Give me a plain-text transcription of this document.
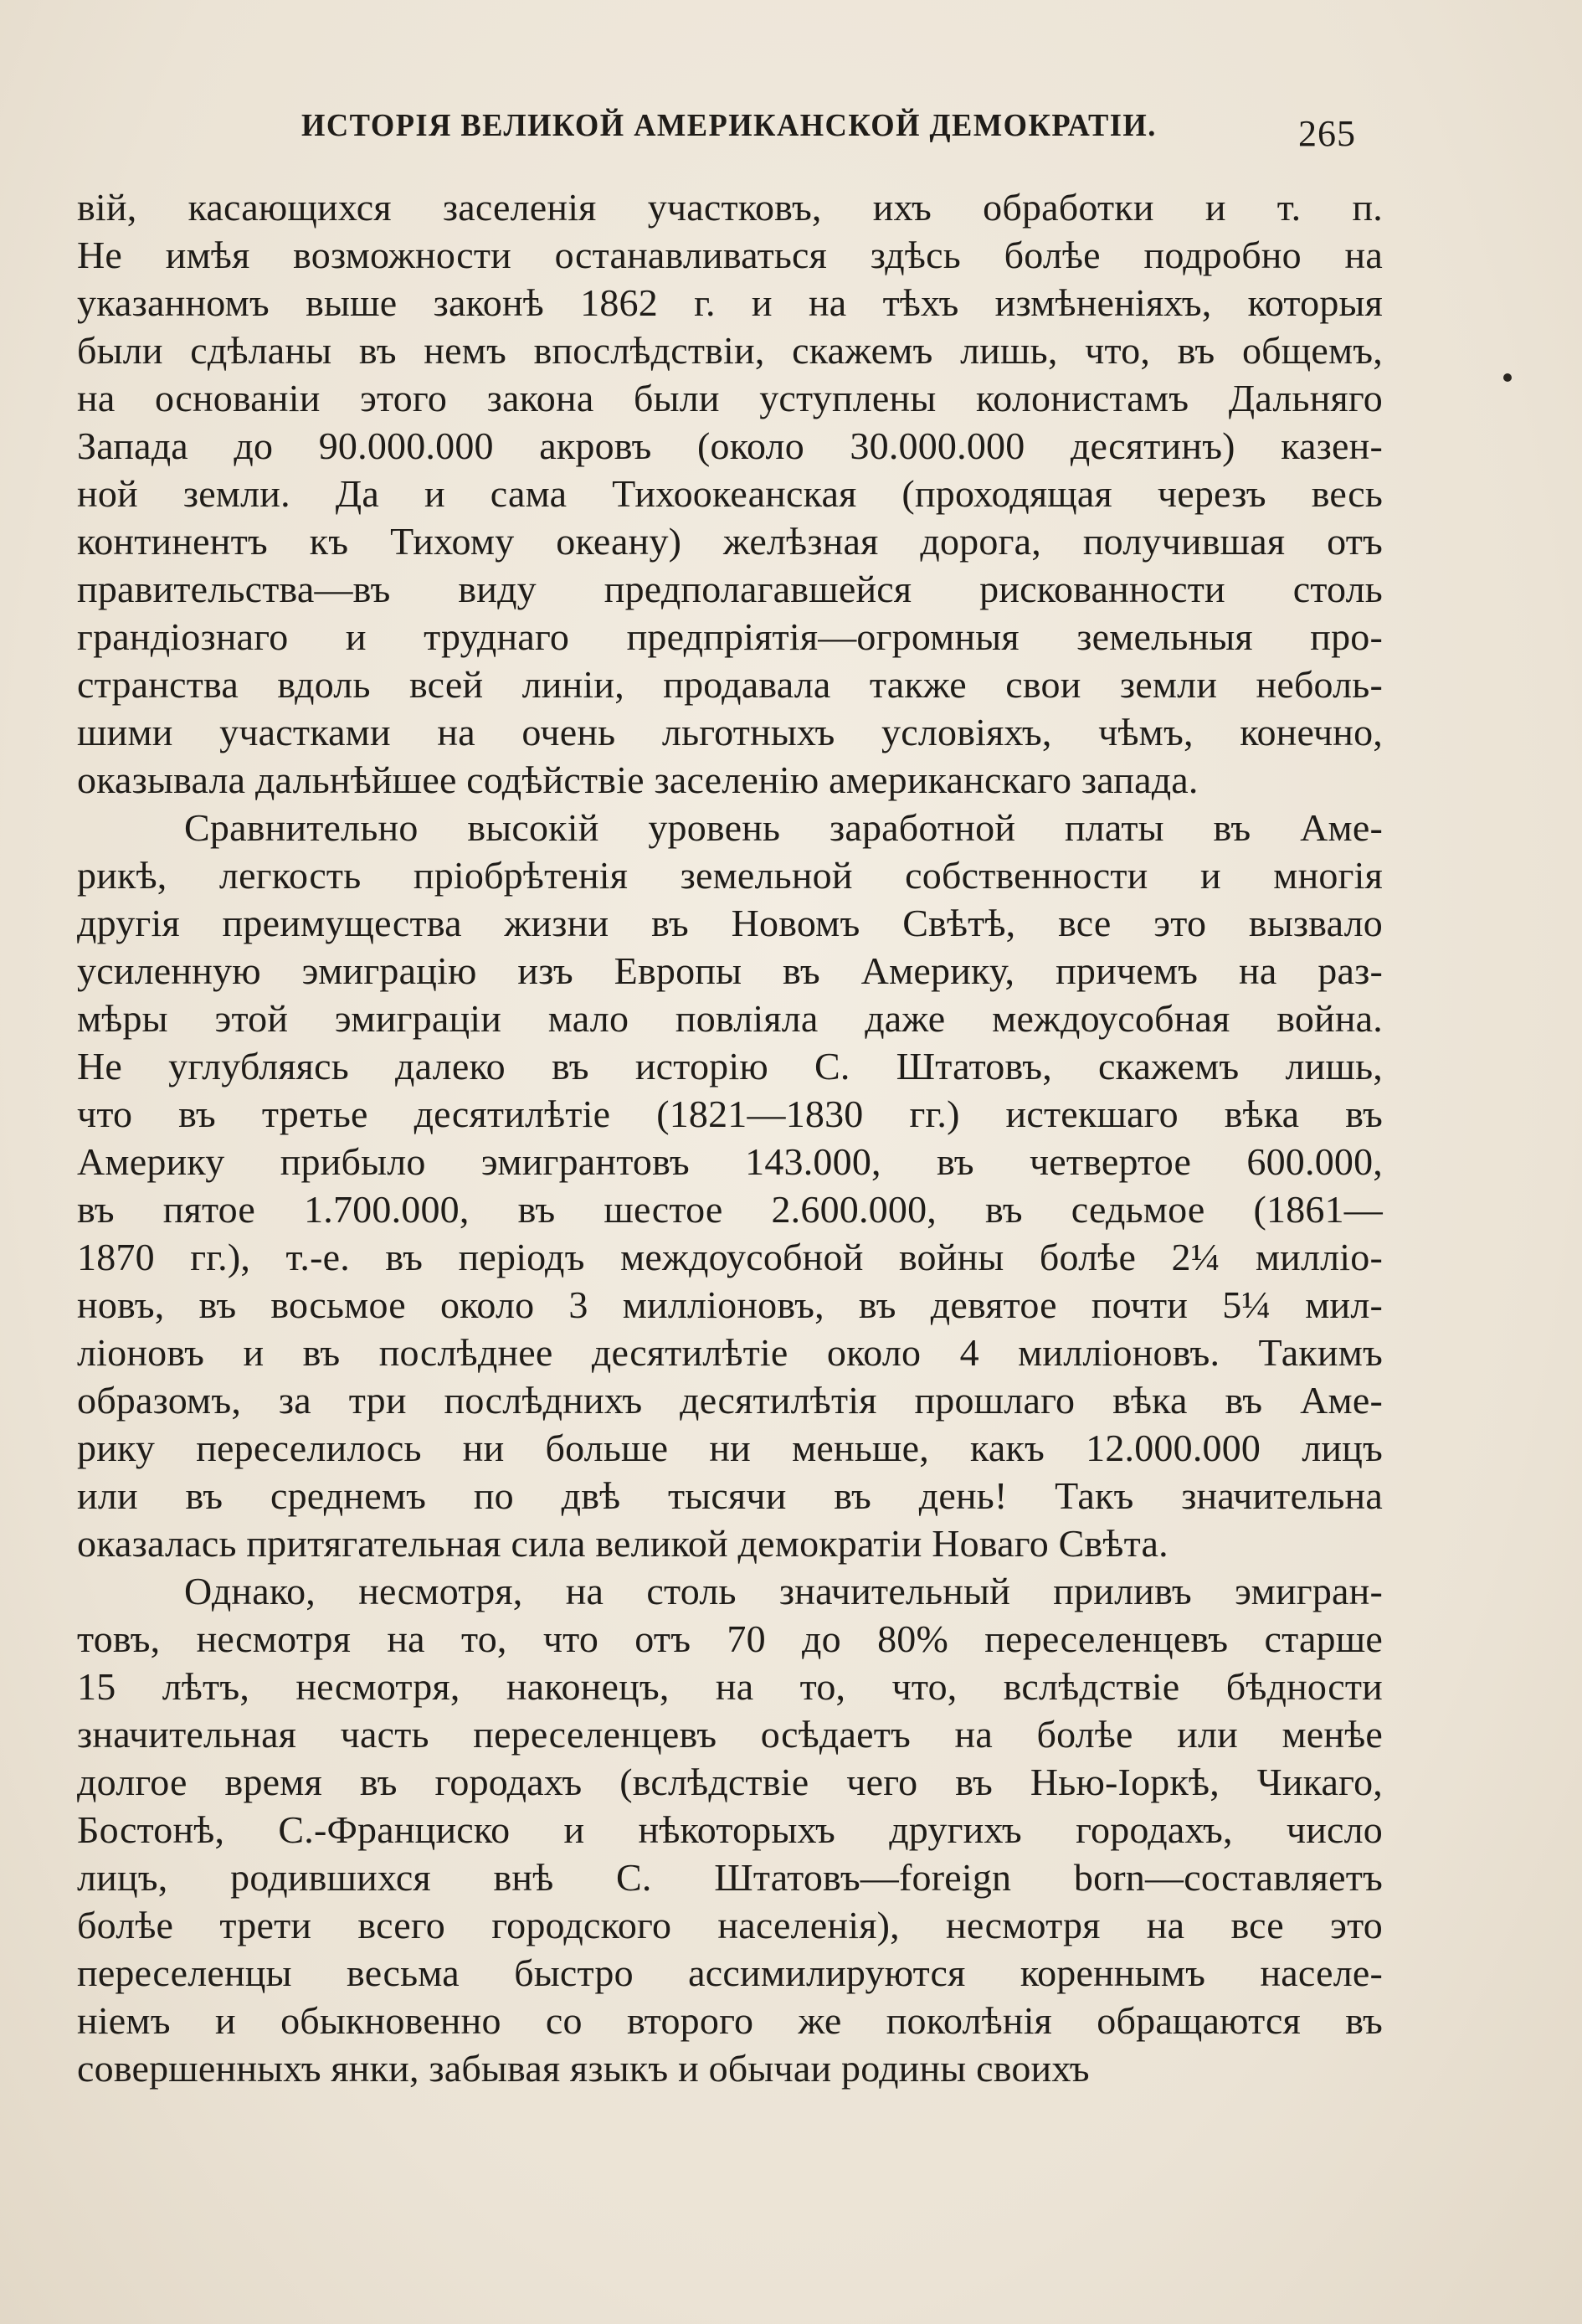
ИСТОРІЯ ВЕЛИКОЙ АМЕРИКАНСКОЙ ДЕМОКРАТІИ.	265
вій, касающихся заселенія участковъ, ихъ обработки и т. п.
Не имѣя возможности останавливаться здѣсь болѣе подробно на
указанномъ выше законѣ 1862 г. и на тѣхъ измѣненіяхъ, которыя
были сдѣланы въ немъ впослѣдствіи, скажемъ лишь, что, въ общемъ,
на основаніи этого закона были уступлены колонистамъ Дальняго
Запада до 90.000.000 акровъ (около 30.000.000 десятинъ) казен-
ной земли. Да и сама Тихоокеанская (проходящая черезъ весь
континентъ къ Тихому океану) желѣзная дорога, получившая отъ
правительства—въ виду предполагавшейся рискованности столь
грандіознаго и труднаго предпріятія—огромныя земельныя про-
странства вдоль всей линіи, продавала также свои земли неболь-
шими участками на очень льготныхъ условіяхъ, чѣмъ, конечно,
оказывала дальнѣйшее содѣйствіе заселенію американскаго запада.
Сравнительно высокій уровень заработной платы въ Аме-
рикѣ, легкость пріобрѣтенія земельной собственности и многія
другія преимущества жизни въ Новомъ Свѣтѣ, все это вызвало
усиленную эмиграцію изъ Европы въ Америку, причемъ на раз-
мѣры этой эмиграціи мало повліяла даже междоусобная война.
Не углубляясь далеко въ исторію С. Штатовъ, скажемъ лишь,
что въ третье десятилѣтіе (1821—1830 гг.) истекшаго вѣка въ
Америку прибыло эмигрантовъ 143.000, въ четвертое 600.000,
въ пятое 1.700.000, въ шестое 2.600.000, въ седьмое (1861—
1870 гг.), т.-е. въ періодъ междоусобной войны болѣе 2¼ милліо-
новъ, въ восьмое около 3 милліоновъ, въ девятое почти 5¼ мил-
ліоновъ и въ послѣднее десятилѣтіе около 4 милліоновъ. Такимъ
образомъ, за три послѣднихъ десятилѣтія прошлаго вѣка въ Аме-
рику переселилось ни больше ни меньше, какъ 12.000.000 лицъ
или въ среднемъ по двѣ тысячи въ день! Такъ значительна
оказалась притягательная сила великой демократіи Новаго Свѣта.
Однако, несмотря, на столь значительный приливъ эмигран-
товъ, несмотря на то, что отъ 70 до 80% переселенцевъ старше
15 лѣтъ, несмотря, наконецъ, на то, что, вслѣдствіе бѣдности
значительная часть переселенцевъ осѣдаетъ на болѣе или менѣе
долгое время въ городахъ (вслѣдствіе чего въ Нью-Іоркѣ, Чикаго,
Бостонѣ, С.-Франциско и нѣкоторыхъ другихъ городахъ, число
лицъ, родившихся внѣ С. Штатовъ—foreign born—составляетъ
болѣе трети всего городского населенія), несмотря на все это
переселенцы весьма быстро ассимилируются кореннымъ населе-
ніемъ и обыкновенно со второго же поколѣнія обращаются въ
совершенныхъ янки, забывая языкъ и обычаи родины своихъ
